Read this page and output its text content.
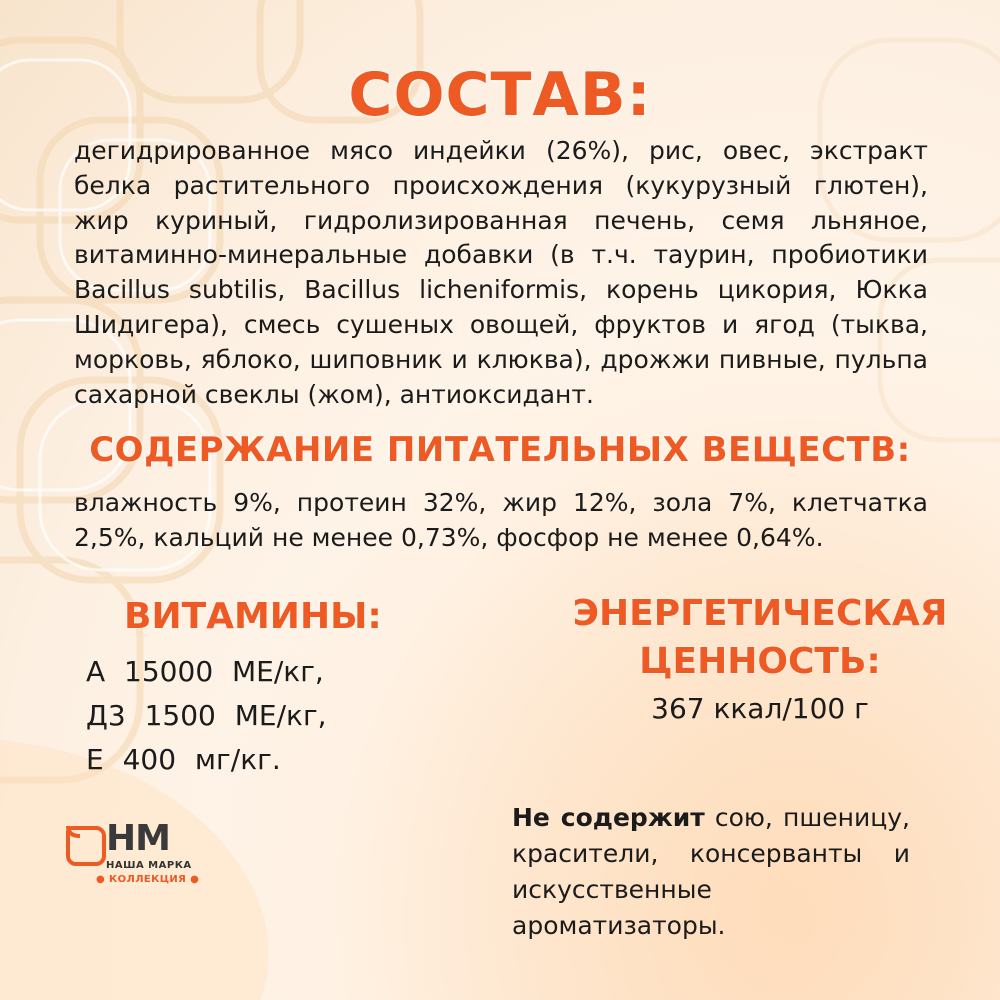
СОСТАВ:

дегидрированное мясо индейки (26%), рис, овес, экстракт белка растительного происхождения (кукурузный глютен), жир куриный, гидролизированная печень, семя льняное, витаминно-минеральные добавки (в т.ч. таурин, пробиотики Bacillus subtilis, Bacillus licheniformis, корень цикория, Юкка Шидигера), смесь сушеных овощей, фруктов и ягод (тыква, морковь, яблоко, шиповник и клюква), дрожжи пивные, пульпа сахарной свеклы (жом), антиоксидант.

СОДЕРЖАНИЕ ПИТАТЕЛЬНЫХ ВЕЩЕСТВ:

влажность 9%, протеин 32%, жир 12%, зола 7%, клетчатка 2,5%, кальций не менее 0,73%, фосфор не менее 0,64%.

ВИТАМИНЫ:
А 15000 МЕ/кг,
Д3 1500 МЕ/кг,
Е 400 мг/кг.
ЭНЕРГЕТИЧЕСКАЯ
ЦЕННОСТЬ:
367 ккал/100 г

Не содержит сою, пшеницу, красители, консерванты и искусственные ароматизаторы.

НМ
НАША МАРКА
● КОЛЛЕКЦИЯ ●
